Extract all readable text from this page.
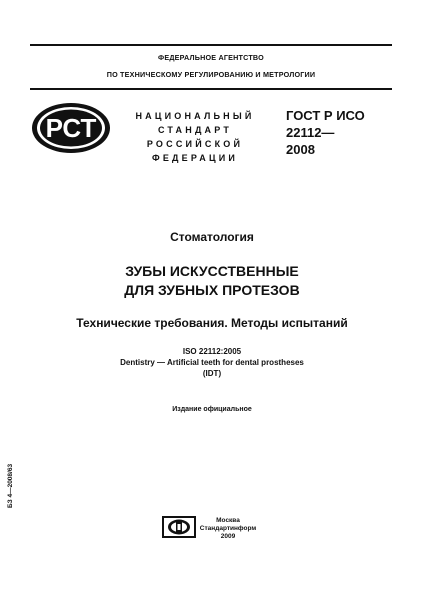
ФЕДЕРАЛЬНОЕ АГЕНТСТВО
ПО ТЕХНИЧЕСКОМУ РЕГУЛИРОВАНИЮ И МЕТРОЛОГИИ
РСТ	НАЦИОНАЛЬНЫЙ
СТАНДАРТ
РОССИЙСКОЙ
ФЕДЕРАЦИИ
ГОСТ Р ИСО
22112—
2008
Стоматология
ЗУБЫ ИСКУССТВЕННЫЕ
ДЛЯ ЗУБНЫХ ПРОТЕЗОВ
Технические требования. Методы испытаний
ISO 22112:2005
Dentistry — Artificial teeth for dental prostheses
(IDT)
Издание официальное
БЗ 4—2008/63
Москва
Стандартинформ
2009
